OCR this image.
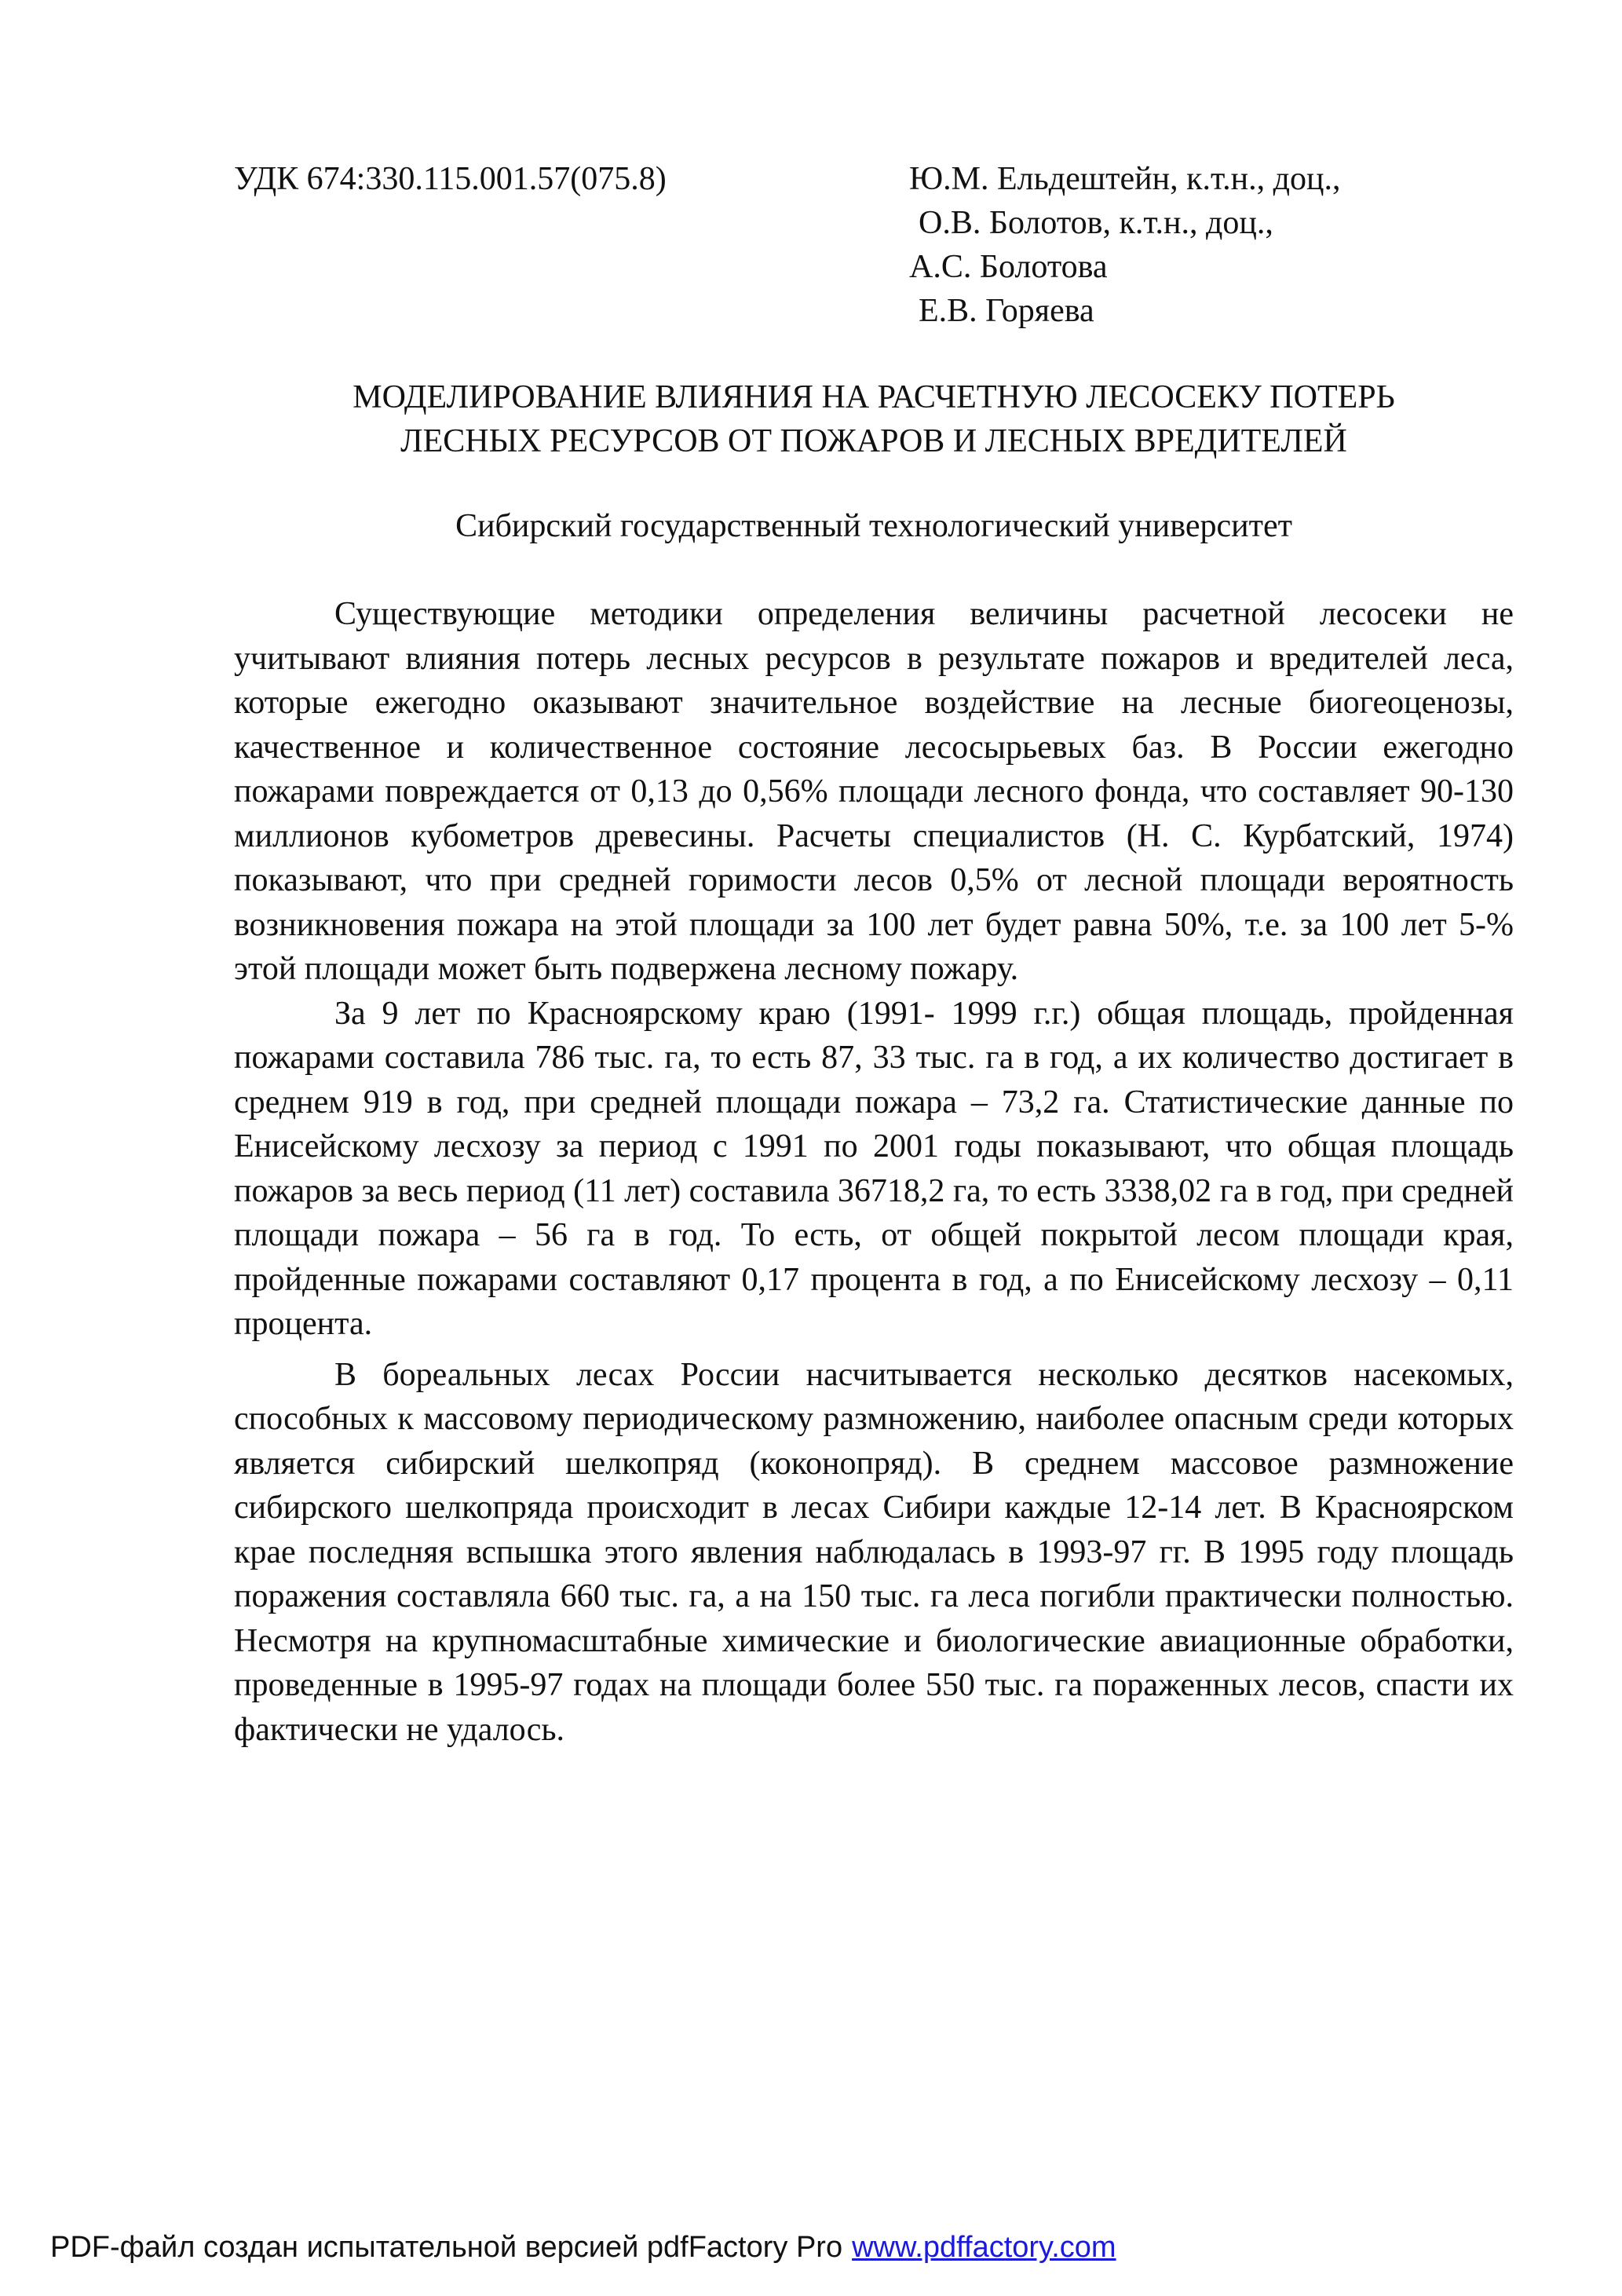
УДК 674:330.115.001.57(075.8)	Ю.М. Ельдештейн, к.т.н., доц.,
О.В. Болотов, к.т.н., доц.,
А.С. Болотова
Е.В. Горяева
МОДЕЛИРОВАНИЕ ВЛИЯНИЯ НА РАСЧЕТНУЮ ЛЕСОСЕКУ ПОТЕРЬ
ЛЕСНЫХ РЕСУРСОВ ОТ ПОЖАРОВ И ЛЕСНЫХ ВРЕДИТЕЛЕЙ
Сибирский государственный технологический университет

Существующие методики определения величины расчетной лесосеки не учитывают влияния потерь лесных ресурсов в результате пожаров и вредителей леса, которые ежегодно оказывают значительное воздействие на лесные биогеоценозы, качественное и количественное состояние лесосырьевых баз. В России ежегодно пожарами повреждается от 0,13 до 0,56% площади лесного фонда, что составляет 90-130 миллионов кубометров древесины. Расчеты специалистов (Н. С. Курбатский, 1974) показывают, что при средней горимости лесов 0,5% от лесной площади вероятность возникновения пожара на этой площади за 100 лет будет равна 50%, т.е. за 100 лет 5-% этой площади может быть подвержена лесному пожару.

За 9 лет по Красноярскому краю (1991- 1999 г.г.) общая площадь, пройденная пожарами составила 786 тыс. га, то есть 87, 33 тыс. га в год, а их количество достигает в среднем 919 в год, при средней площади пожара – 73,2 га. Статистические данные по Енисейскому лесхозу за период с 1991 по 2001 годы показывают, что общая площадь пожаров за весь период (11 лет) составила 36718,2 га, то есть 3338,02 га в год, при средней площади пожара – 56 га в год. То есть, от общей покрытой лесом площади края, пройденные пожарами составляют 0,17 процента в год, а по Енисейскому лесхозу – 0,11 процента.

В бореальных лесах России насчитывается несколько десятков насекомых, способных к массовому периодическому размножению, наиболее опасным среди которых является сибирский шелкопряд (коконопряд). В среднем массовое размножение сибирского шелкопряда происходит в лесах Сибири каждые 12-14 лет. В Красноярском крае последняя вспышка этого явления наблюдалась в 1993-97 гг. В 1995 году площадь поражения составляла 660 тыс. га, а на 150 тыс. га леса погибли практически полностью. Несмотря на крупномасштабные химические и биологические авиационные обработки, проведенные в 1995-97 годах на площади более 550 тыс. га пораженных лесов, спасти их фактически не удалось.

PDF-файл создан испытательной версией pdfFactory Pro www.pdffactory.com
